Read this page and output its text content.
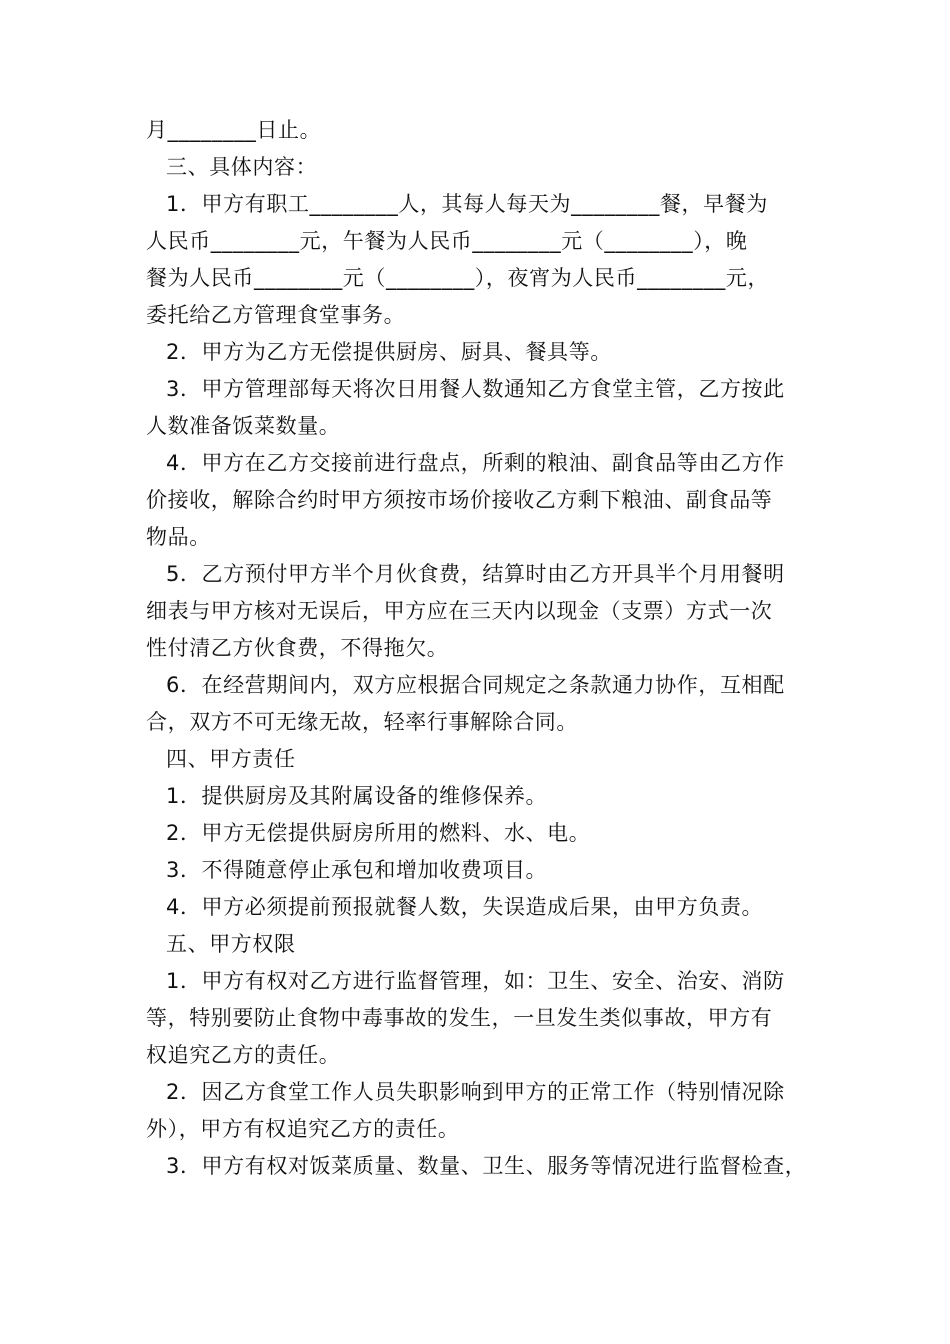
月________日止。
三、具体内容：
1．甲方有职工________人，其每人每天为________餐，早餐为
人民币________元，午餐为人民币________元（________），晚
餐为人民币________元（________），夜宵为人民币________元，
委托给乙方管理食堂事务。
2．甲方为乙方无偿提供厨房、厨具、餐具等。
3．甲方管理部每天将次日用餐人数通知乙方食堂主管，乙方按此
人数准备饭菜数量。
4．甲方在乙方交接前进行盘点，所剩的粮油、副食品等由乙方作
价接收，解除合约时甲方须按市场价接收乙方剩下粮油、副食品等
物品。
5．乙方预付甲方半个月伙食费，结算时由乙方开具半个月用餐明
细表与甲方核对无误后，甲方应在三天内以现金（支票）方式一次
性付清乙方伙食费，不得拖欠。
6．在经营期间内，双方应根据合同规定之条款通力协作，互相配
合，双方不可无缘无故，轻率行事解除合同。
四、甲方责任
1．提供厨房及其附属设备的维修保养。
2．甲方无偿提供厨房所用的燃料、水、电。
3．不得随意停止承包和增加收费项目。
4．甲方必须提前预报就餐人数，失误造成后果，由甲方负责。
五、甲方权限
1．甲方有权对乙方进行监督管理，如：卫生、安全、治安、消防
等，特别要防止食物中毒事故的发生，一旦发生类似事故，甲方有
权追究乙方的责任。
2．因乙方食堂工作人员失职影响到甲方的正常工作（特别情况除
外），甲方有权追究乙方的责任。
3．甲方有权对饭菜质量、数量、卫生、服务等情况进行监督检查，
